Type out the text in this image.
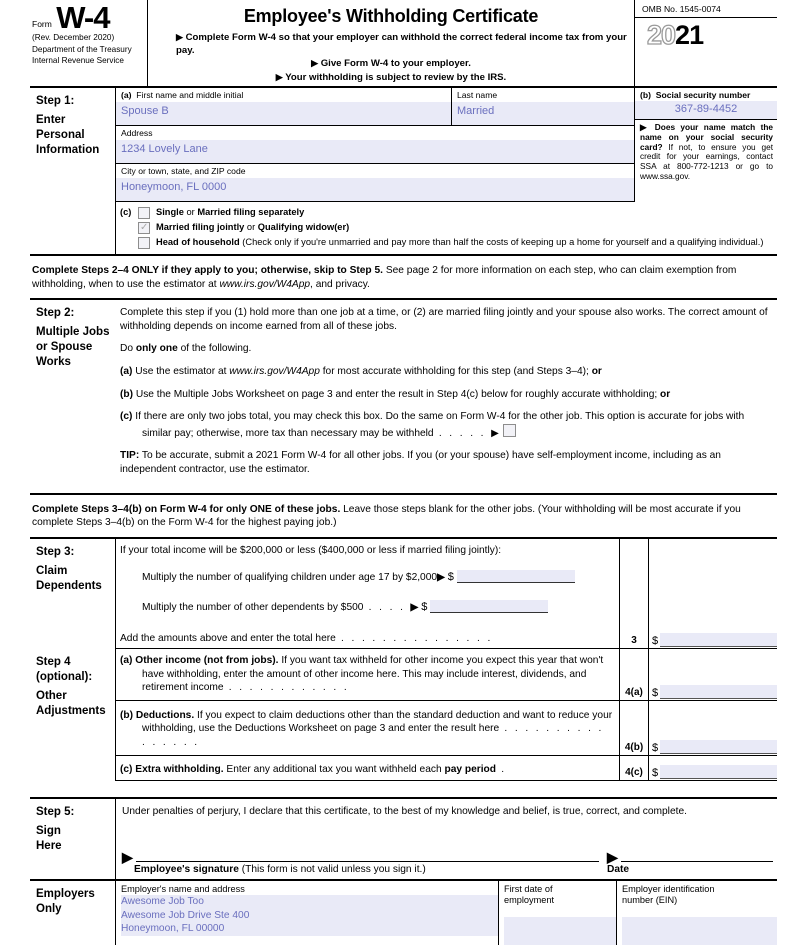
Form W-4
(Rev. December 2020)
Department of the Treasury
Internal Revenue Service
Employee's Withholding Certificate
▶ Complete Form W-4 so that your employer can withhold the correct federal income tax from your pay.
▶ Give Form W-4 to your employer.
▶ Your withholding is subject to review by the IRS.
OMB No. 1545-0074
2021
Step 1:
Enter
Personal
Information
(a) First name and middle initial
Spouse B
Last name
Married
Address
1234 Lovely Lane
City or town, state, and ZIP code
Honeymoon, FL 0000
(b) Social security number
367-89-4452
▶ Does your name match the name on your social security card? If not, to ensure you get credit for your earnings, contact SSA at 800-772-1213 or go to www.ssa.gov.
(c)	Single or Married filing separately
✓
Married filing jointly or Qualifying widow(er)
Head of household (Check only if you're unmarried and pay more than half the costs of keeping up a home for yourself and a qualifying individual.)
Complete Steps 2–4 ONLY if they apply to you; otherwise, skip to Step 5. See page 2 for more information on each step, who can claim exemption from withholding, when to use the estimator at www.irs.gov/W4App, and privacy.
Step 2:
Multiple Jobs
or Spouse
Works

Complete this step if you (1) hold more than one job at a time, or (2) are married filing jointly and your spouse also works. The correct amount of withholding depends on income earned from all of these jobs.

Do only one of the following.

(a) Use the estimator at www.irs.gov/W4App for most accurate withholding for this step (and Steps 3–4); or

(b) Use the Multiple Jobs Worksheet on page 3 and enter the result in Step 4(c) below for roughly accurate withholding; or

(c) If there are only two jobs total, you may check this box. Do the same on Form W-4 for the other job. This option is accurate for jobs with similar pay; otherwise, more tax than necessary may be withheld . . . . . ▶

TIP: To be accurate, submit a 2021 Form W-4 for all other jobs. If you (or your spouse) have self-employment income, including as an independent contractor, use the estimator.

Complete Steps 3–4(b) on Form W-4 for only ONE of these jobs. Leave those steps blank for the other jobs. (Your withholding will be most accurate if you complete Steps 3–4(b) on the Form W-4 for the highest paying job.)
Step 3:
Claim
Dependents
If your total income will be $200,000 or less ($400,000 or less if married filing jointly):
Multiply the number of qualifying children under age 17 by $2,000▶ $
Multiply the number of other dependents by $500 . . . . ▶ $
Add the amounts above and enter the total here . . . . . . . . . . . . . . .	3	$
Step 4
(optional):
Other
Adjustments
(a) Other income (not from jobs). If you want tax withheld for other income you expect this year that won't have withholding, enter the amount of other income here. This may include interest, dividends, and retirement income . . . . . . . . . . . .	4(a) $
(b) Deductions. If you expect to claim deductions other than the standard deduction and want to reduce your withholding, use the Deductions Worksheet on page 3 and enter the result here . . . . . . . . . . . . . . . .	4(b) $
(c) Extra withholding. Enter any additional tax you want withheld each pay period .	4(c) $
Step 5:
Sign
Here
Under penalties of perjury, I declare that this certificate, to the best of my knowledge and belief, is true, correct, and complete.
▶	▶
Employee's signature (This form is not valid unless you sign it.)	Date
Employers
Only
Employer's name and address
Awesome Job Too
Awesome Job Drive Ste 400
Honeymoon, FL 00000
First date of
employment
Employer identification
number (EIN)
